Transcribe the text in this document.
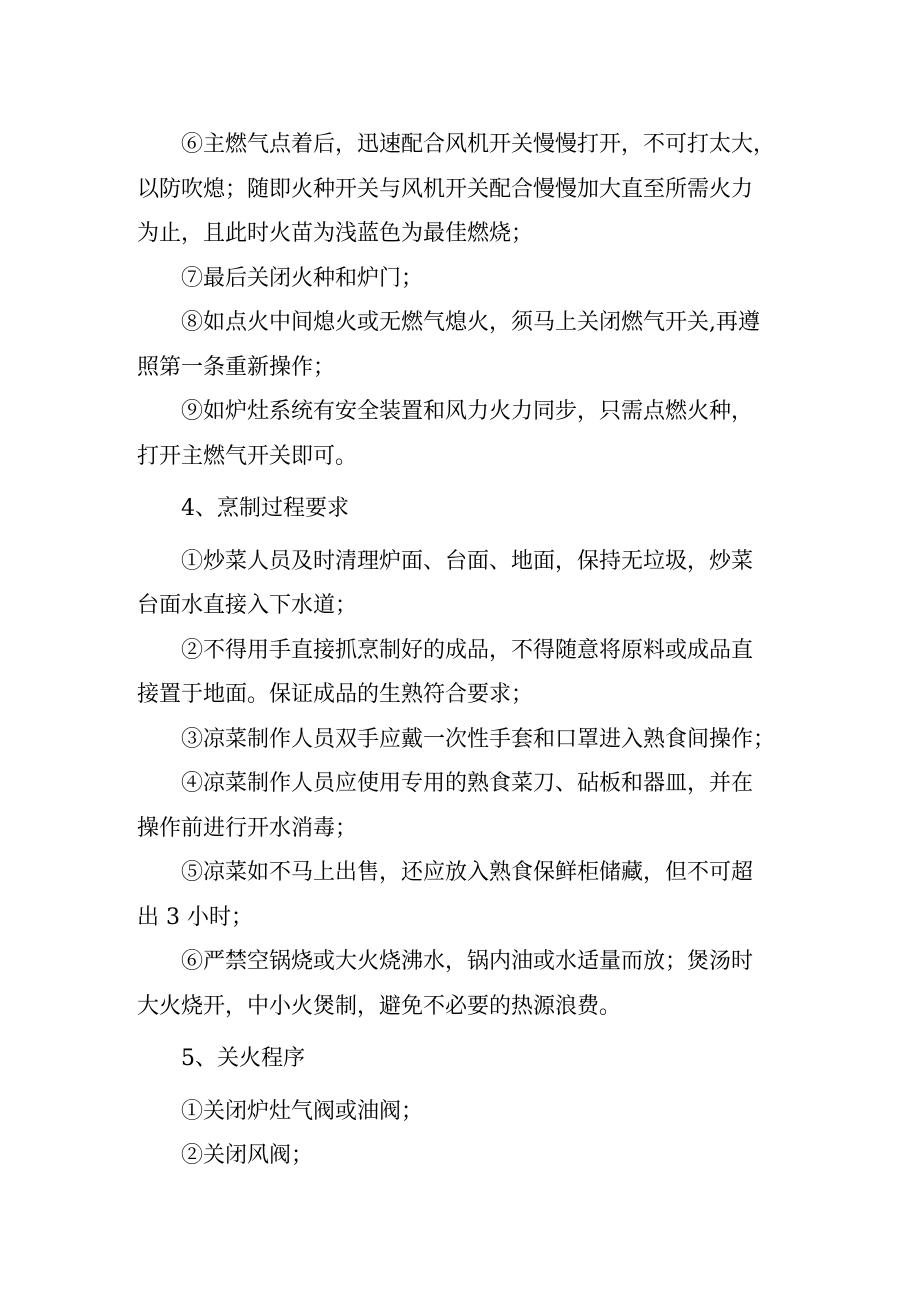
⑥主燃气点着后，迅速配合风机开关慢慢打开，不可打太大，
以防吹熄；随即火种开关与风机开关配合慢慢加大直至所需火力
为止，且此时火苗为浅蓝色为最佳燃烧；
⑦最后关闭火种和炉门；
⑧如点火中间熄火或无燃气熄火，须马上关闭燃气开关,再遵
照第一条重新操作；
⑨如炉灶系统有安全装置和风力火力同步，只需点燃火种，
打开主燃气开关即可。
4、烹制过程要求
①炒菜人员及时清理炉面、台面、地面，保持无垃圾，炒菜
台面水直接入下水道；
②不得用手直接抓烹制好的成品，不得随意将原料或成品直
接置于地面。保证成品的生熟符合要求；
③凉菜制作人员双手应戴一次性手套和口罩进入熟食间操作；
④凉菜制作人员应使用专用的熟食菜刀、砧板和器皿，并在
操作前进行开水消毒；
⑤凉菜如不马上出售，还应放入熟食保鲜柜储藏，但不可超
出 3 小时；
⑥严禁空锅烧或大火烧沸水，锅内油或水适量而放；煲汤时
大火烧开，中小火煲制，避免不必要的热源浪费。
5、关火程序
①关闭炉灶气阀或油阀；
②关闭风阀；
